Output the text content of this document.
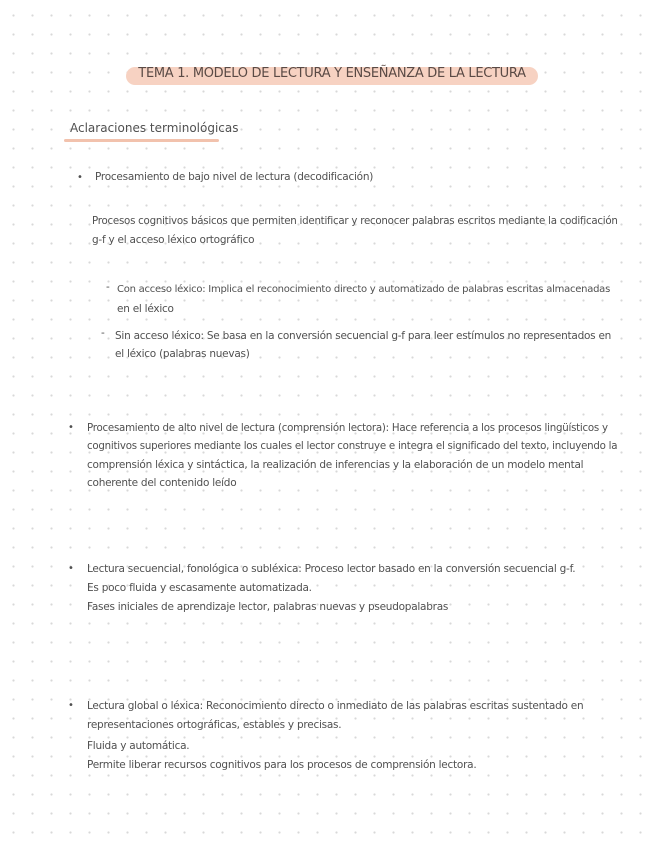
TEMA 1. MODELO DE LECTURA Y ENSEÑANZA DE LA LECTURA
Aclaraciones terminológicas
• Procesamiento de bajo nivel de lectura (decodificación)
Procesos cognitivos básicos que permiten identificar y reconocer palabras escritos mediante la codificación
g-f y el acceso léxico ortográfico
- Con acceso léxico: Implica el reconocimiento directo y automatizado de palabras escritas almacenadas
en el léxico
- Sin acceso léxico: Se basa en la conversión secuencial g-f para leer estímulos no representados en
el léxico (palabras nuevas)
• Procesamiento de alto nivel de lectura (comprensión lectora): Hace referencia a los procesos lingüísticos y
cognitivos superiores mediante los cuales el lector construye e integra el significado del texto, incluyendo la
comprensión léxica y sintáctica, la realización de inferencias y la elaboración de un modelo mental
coherente del contenido leído
• Lectura secuencial, fonológica o subléxica: Proceso lector basado en la conversión secuencial g-f.
Es poco fluida y escasamente automatizada.
Fases iniciales de aprendizaje lector, palabras nuevas y pseudopalabras
• Lectura global o léxica: Reconocimiento directo o inmediato de las palabras escritas sustentado en
representaciones ortográficas, estables y precisas.
Fluida y automática.
Permite liberar recursos cognitivos para los procesos de comprensión lectora.
